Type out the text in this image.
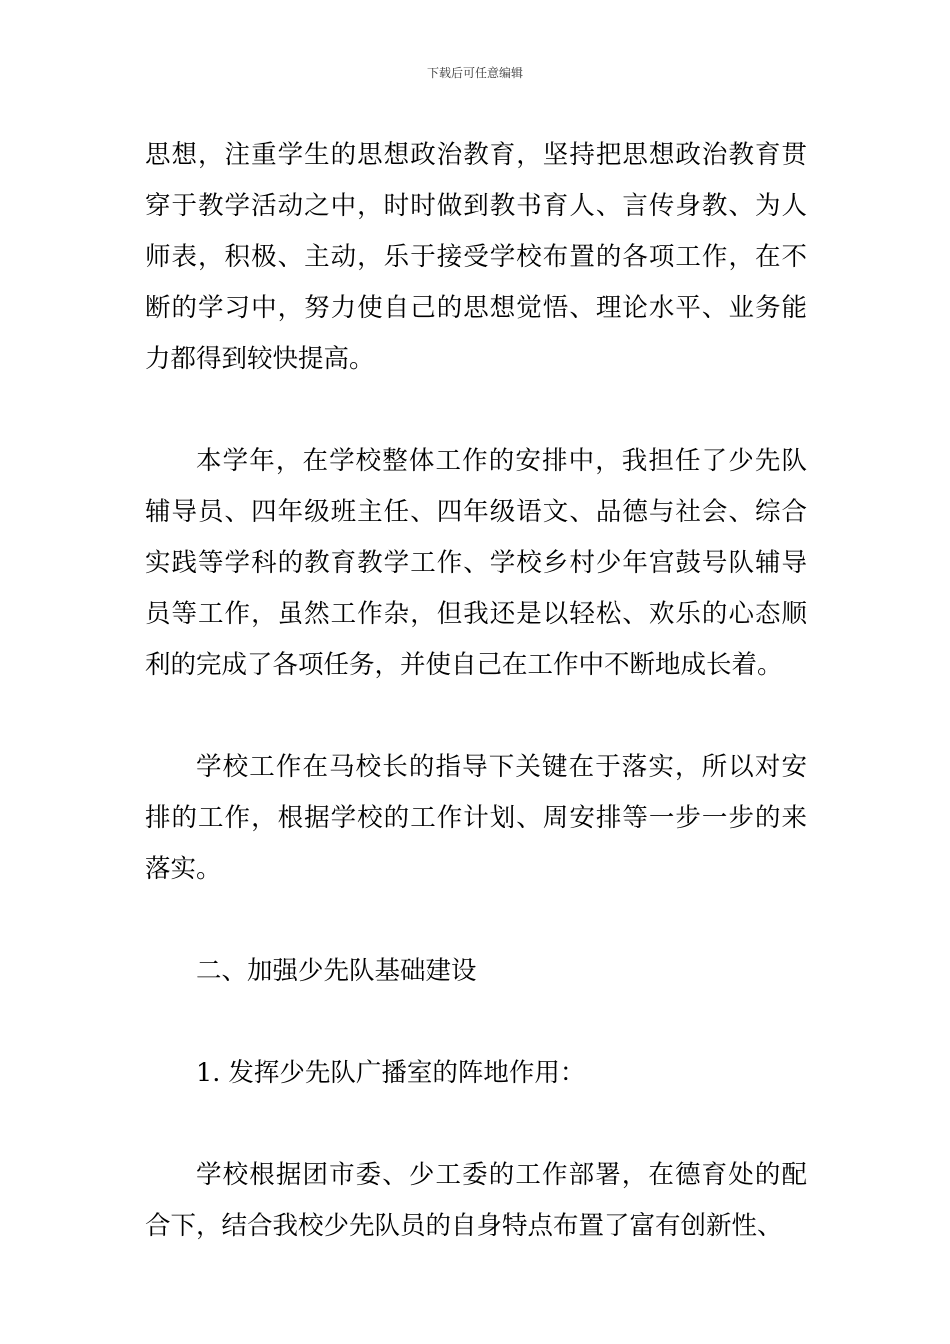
下载后可任意编辑

思想，注重学生的思想政治教育，坚持把思想政治教育贯穿于教学活动之中，时时做到教书育人、言传身教、为人师表，积极、主动，乐于接受学校布置的各项工作，在不断的学习中，努力使自己的思想觉悟、理论水平、业务能力都得到较快提高。

本学年，在学校整体工作的安排中，我担任了少先队辅导员、四年级班主任、四年级语文、品德与社会、综合实践等学科的教育教学工作、学校乡村少年宫鼓号队辅导员等工作，虽然工作杂，但我还是以轻松、欢乐的心态顺利的完成了各项任务，并使自己在工作中不断地成长着。

学校工作在马校长的指导下关键在于落实，所以对安排的工作，根据学校的工作计划、周安排等一步一步的来落实。

二、加强少先队基础建设

1. 发挥少先队广播室的阵地作用：

学校根据团市委、少工委的工作部署，在德育处的配合下，结合我校少先队员的自身特点布置了富有创新性、
